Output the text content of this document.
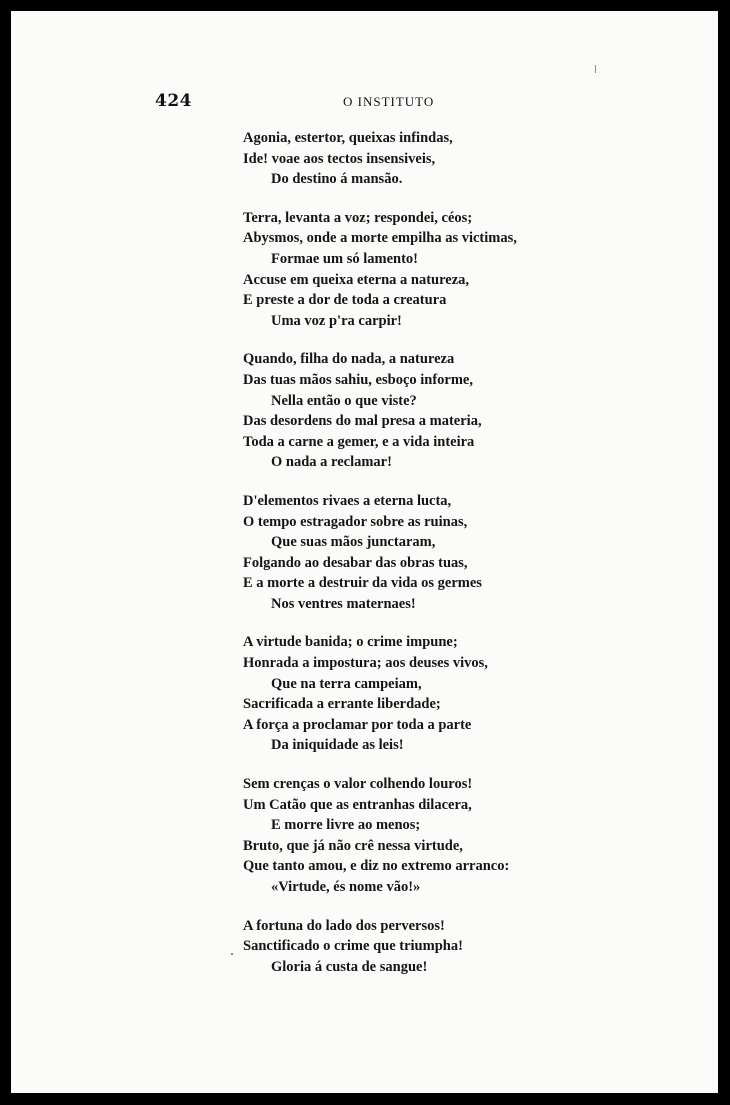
424	O INSTITUTO
Agonia, estertor, queixas infindas,
Ide! voae aos tectos insensiveis,
Do destino á mansão.
Terra, levanta a voz; respondei, céos;
Abysmos, onde a morte empilha as victimas,
Formae um só lamento!
Accuse em queixa eterna a natureza,
E preste a dor de toda a creatura
Uma voz p'ra carpir!
Quando, filha do nada, a natureza
Das tuas mãos sahiu, esboço informe,
Nella então o que viste?
Das desordens do mal presa a materia,
Toda a carne a gemer, e a vida inteira
O nada a reclamar!
D'elementos rivaes a eterna lucta,
O tempo estragador sobre as ruinas,
Que suas mãos junctaram,
Folgando ao desabar das obras tuas,
E a morte a destruir da vida os germes
Nos ventres maternaes!
A virtude banida; o crime impune;
Honrada a impostura; aos deuses vivos,
Que na terra campeiam,
Sacrificada a errante liberdade;
A força a proclamar por toda a parte
Da iniquidade as leis!
Sem crenças o valor colhendo louros!
Um Catão que as entranhas dilacera,
E morre livre ao menos;
Bruto, que já não crê nessa virtude,
Que tanto amou, e diz no extremo arranco:
«Virtude, és nome vão!»
A fortuna do lado dos perversos!
Sanctificado o crime que triumpha!
Gloria á custa de sangue!
